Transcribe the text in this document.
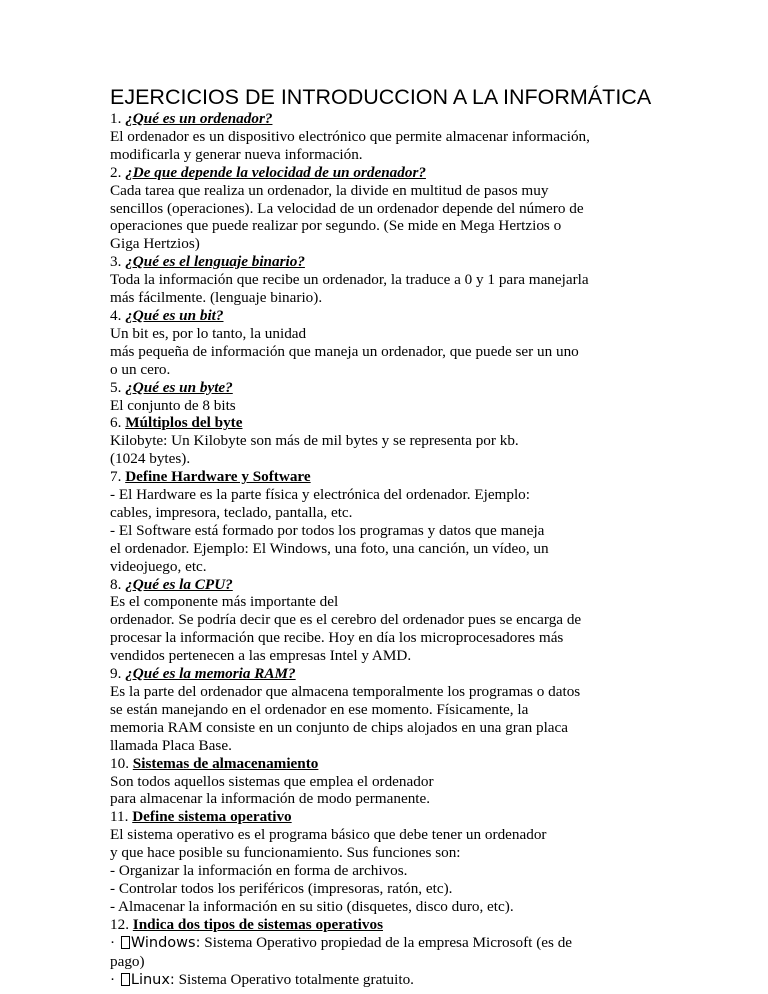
EJERCICIOS DE INTRODUCCION A LA INFORMÁTICA
1. ¿Qué es un ordenador?
El ordenador es un dispositivo electrónico que permite almacenar información,
modificarla y generar nueva información.
2. ¿De que depende la velocidad de un ordenador?
Cada tarea que realiza un ordenador, la divide en multitud de pasos muy
sencillos (operaciones). La velocidad de un ordenador depende del número de
operaciones que puede realizar por segundo. (Se mide en Mega Hertzios o
Giga Hertzios)
3. ¿Qué es el lenguaje binario?
Toda la información que recibe un ordenador, la traduce a 0 y 1 para manejarla
más fácilmente. (lenguaje binario).
4. ¿Qué es un bit?
Un bit es, por lo tanto, la unidad
más pequeña de información que maneja un ordenador, que puede ser un uno
o un cero.
5. ¿Qué es un byte?
El conjunto de 8 bits
6. Múltiplos del byte
Kilobyte: Un Kilobyte son más de mil bytes y se representa por kb.
(1024 bytes).
7. Define Hardware y Software
- El Hardware es la parte física y electrónica del ordenador. Ejemplo:
cables, impresora, teclado, pantalla, etc.
- El Software está formado por todos los programas y datos que maneja
el ordenador. Ejemplo: El Windows, una foto, una canción, un vídeo, un
videojuego, etc.
8. ¿Qué es la CPU?
Es el componente más importante del
ordenador. Se podría decir que es el cerebro del ordenador pues se encarga de
procesar la información que recibe. Hoy en día los microprocesadores más
vendidos pertenecen a las empresas Intel y AMD.
9. ¿Qué es la memoria RAM?
Es la parte del ordenador que almacena temporalmente los programas o datos
se están manejando en el ordenador en ese momento. Físicamente, la
memoria RAM consiste en un conjunto de chips alojados en una gran placa
llamada Placa Base.
10. Sistemas de almacenamiento
Son todos aquellos sistemas que emplea el ordenador
para almacenar la información de modo permanente.
11. Define sistema operativo
El sistema operativo es el programa básico que debe tener un ordenador
y que hace posible su funcionamiento. Sus funciones son:
- Organizar la información en forma de archivos.
- Controlar todos los periféricos (impresoras, ratón, etc).
- Almacenar la información en su sitio (disquetes, disco duro, etc).
12. Indica dos tipos de sistemas operativos
· Windows: Sistema Operativo propiedad de la empresa Microsoft (es de
pago)
· Linux: Sistema Operativo totalmente gratuito.
